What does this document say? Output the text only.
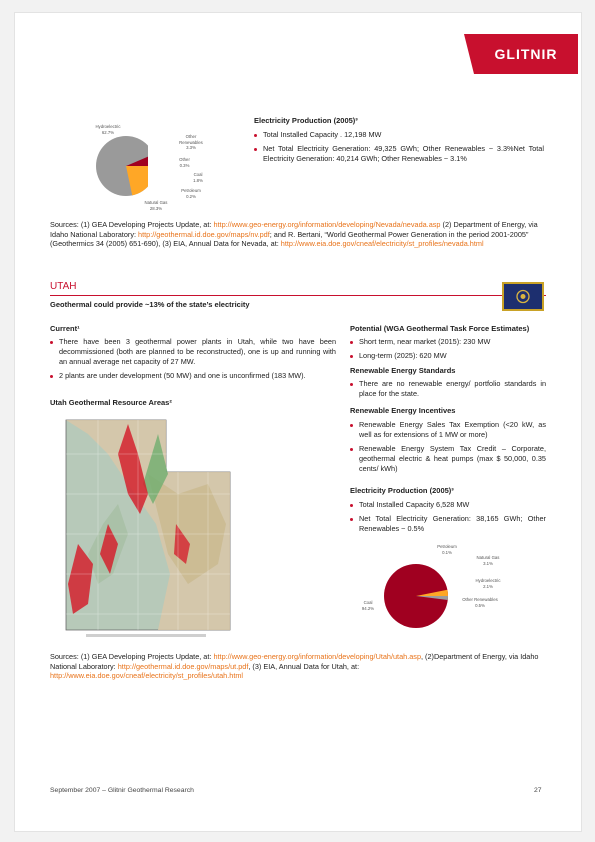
GLITNIR
Hydroelectric
62.7%
Other Renewables
3.3%
Other
0.3%
Coal
1.8%
Petroleum
0.2%
Natural Gas
28.3%
Electricity Production (2005)³
Total Installed Capacity . 12,198 MW
Net Total Electricity Generation: 49,325 GWh; Other Renewables ~ 3.3%Net Total Electricity Generation: 40,214 GWh; Other Renewables ~ 3.1%
Sources: (1) GEA Developing Projects Update, at: http://www.geo-energy.org/information/developing/Nevada/nevada.asp (2) Department of Energy, via Idaho National Laboratory: http://geothermal.id.doe.gov/maps/nv.pdf; and R. Bertani, “World Geothermal Power Generation in the period 2001-2005” (Geothermics 34 (2005) 651-690), (3) EIA, Annual Data for Nevada, at: http://www.eia.doe.gov/cneaf/electricity/st_profiles/nevada.html
UTAH
Geothermal could provide ~13% of the state’s electricity
Current¹
There have been 3 geothermal power plants in Utah, while two have been decommissioned (both are planned to be reconstructed), one is up and running with an annual average net capacity of 27 MW.
2 plants are under development (50 MW) and one is unconfirmed (183 MW).
Utah Geothermal Resource Areas²
Potential (WGA Geothermal Task Force Estimates)
Short term, near market (2015): 230 MW
Long-term (2025): 620 MW
Renewable Energy Standards
There are no renewable energy/ portfolio standards in place for the state.
Renewable Energy Incentives
Renewable Energy Sales Tax Exemption (<20 kW, as well as for extensions of 1 MW or more)
Renewable Energy System Tax Credit – Corporate, geothermal electric & heat pumps (max $ 50,000, 0.35 cents/ kWh)
Electricity Production (2005)³
Total Installed Capacity 6,528 MW
Net Total Electricity Generation: 38,165 GWh; Other Renewables ~ 0.5%
Petroleum
0.1%
Natural Gas
3.1%
Hydroelectric
2.1%
Other Renewables
0.5%
Coal
94.2%
Sources: (1) GEA Developing Projects Update, at: http://www.geo-energy.org/information/developing/Utah/utah.asp, (2)Department of Energy, via Idaho National Laboratory: http://geothermal.id.doe.gov/maps/ut.pdf, (3) EIA, Annual Data for Utah, at: http://www.eia.doe.gov/cneaf/electricity/st_profiles/utah.html
September 2007 – Glitnir Geothermal Research	27
